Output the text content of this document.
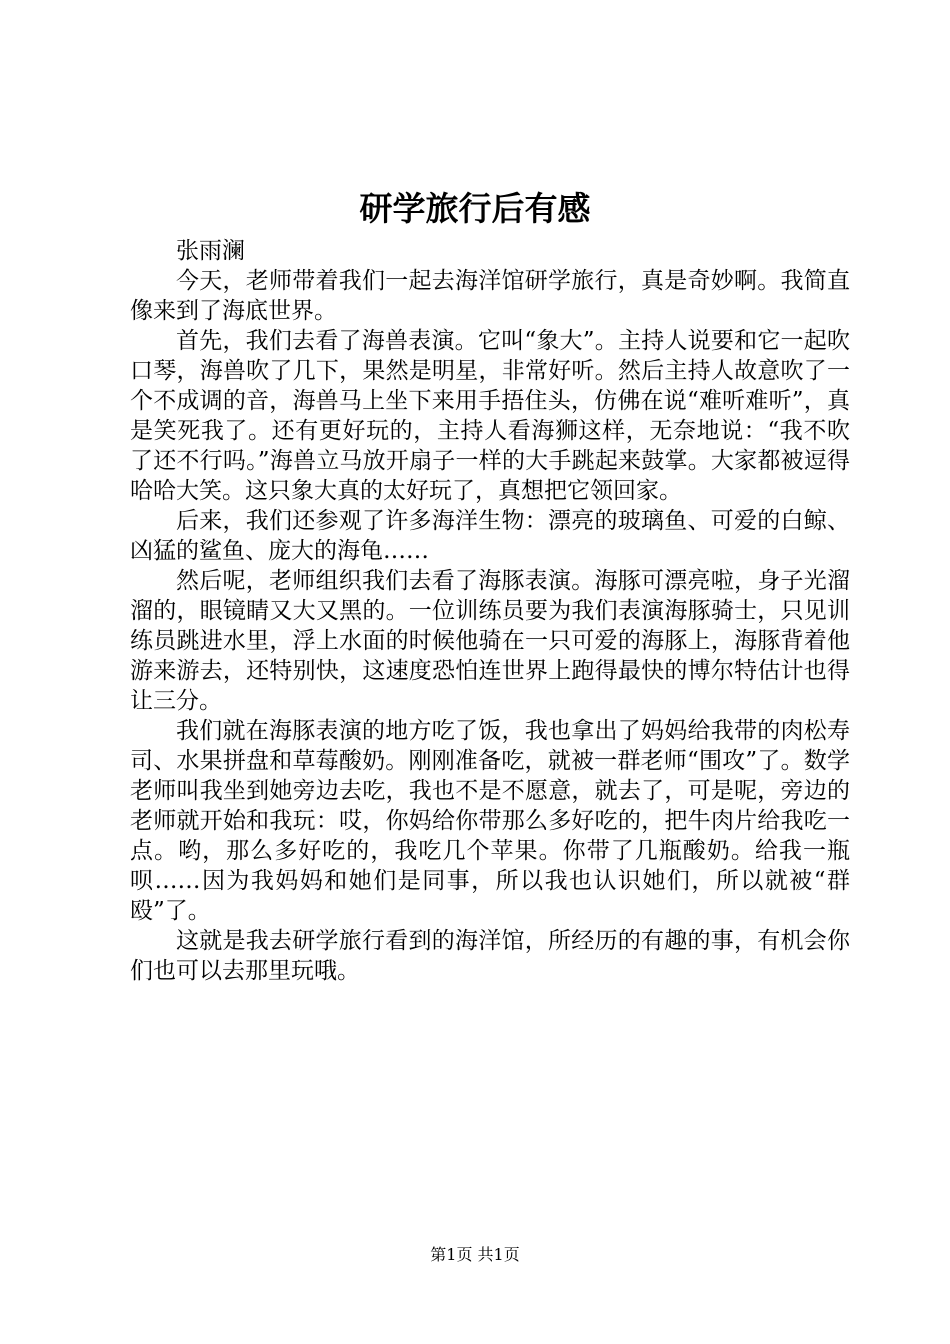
研学旅行后有感

张雨澜

今天，老师带着我们一起去海洋馆研学旅行，真是奇妙啊。我简直像来到了海底世界。

首先，我们去看了海兽表演。它叫“象大”。主持人说要和它一起吹口琴，海兽吹了几下，果然是明星，非常好听。然后主持人故意吹了一个不成调的音，海兽马上坐下来用手捂住头，仿佛在说“难听难听”，真是笑死我了。还有更好玩的，主持人看海狮这样，无奈地说：“我不吹了还不行吗。”海兽立马放开扇子一样的大手跳起来鼓掌。大家都被逗得哈哈大笑。这只象大真的太好玩了，真想把它领回家。

后来，我们还参观了许多海洋生物：漂亮的玻璃鱼、可爱的白鲸、凶猛的鲨鱼、庞大的海龟……

然后呢，老师组织我们去看了海豚表演。海豚可漂亮啦，身子光溜溜的，眼镜睛又大又黑的。一位训练员要为我们表演海豚骑士，只见训练员跳进水里，浮上水面的时候他骑在一只可爱的海豚上，海豚背着他游来游去，还特别快，这速度恐怕连世界上跑得最快的博尔特估计也得让三分。

我们就在海豚表演的地方吃了饭，我也拿出了妈妈给我带的肉松寿司、水果拼盘和草莓酸奶。刚刚准备吃，就被一群老师“围攻”了。数学老师叫我坐到她旁边去吃，我也不是不愿意，就去了，可是呢，旁边的老师就开始和我玩：哎，你妈给你带那么多好吃的，把牛肉片给我吃一点。哟，那么多好吃的，我吃几个苹果。你带了几瓶酸奶。给我一瓶呗……因为我妈妈和她们是同事，所以我也认识她们，所以就被“群殴”了。

这就是我去研学旅行看到的海洋馆，所经历的有趣的事，有机会你们也可以去那里玩哦。

第1页 共1页
